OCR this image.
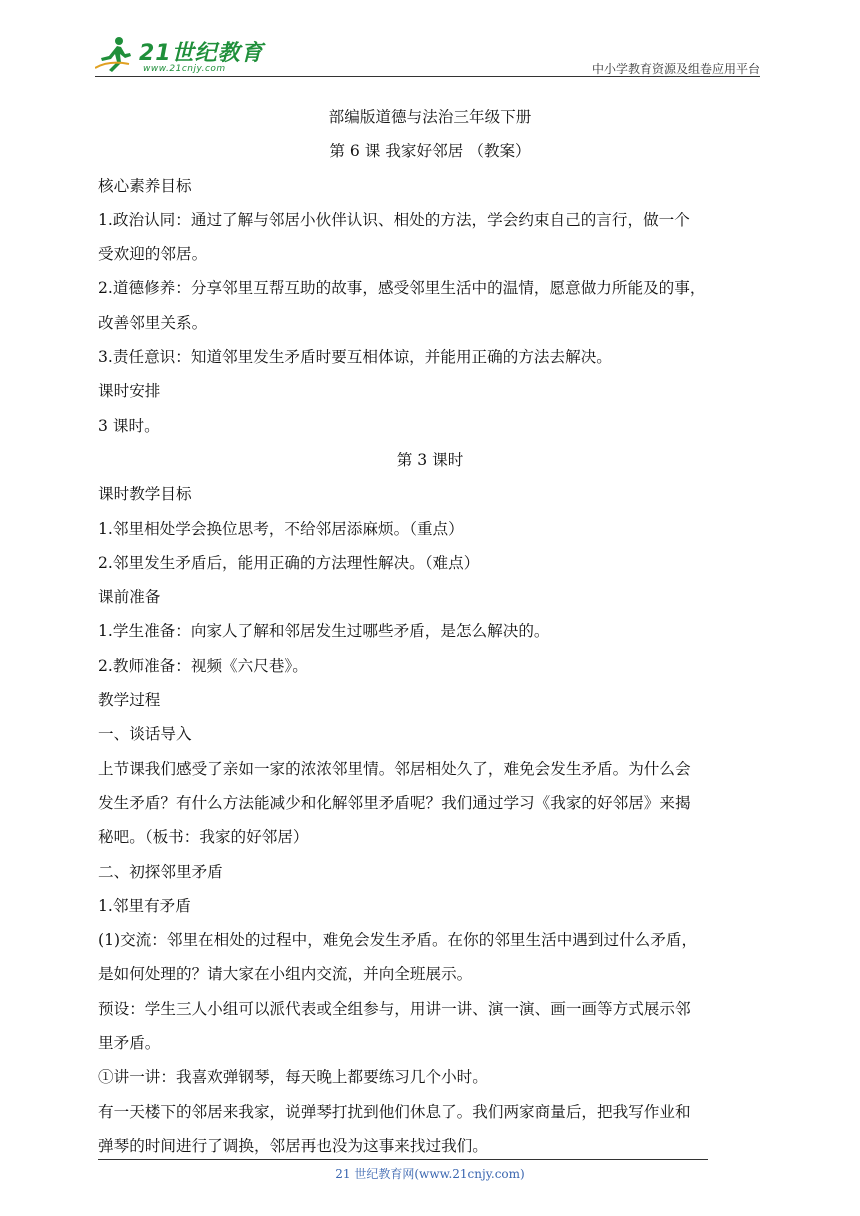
21世纪教育
www.21cnjy.com	中小学教育资源及组卷应用平台
部编版道德与法治三年级下册
第 6 课 我家好邻居 （教案）
核心素养目标
1.政治认同：通过了解与邻居小伙伴认识、相处的方法，学会约束自己的言行，做一个
受欢迎的邻居。
2.道德修养：分享邻里互帮互助的故事，感受邻里生活中的温情，愿意做力所能及的事，
改善邻里关系。
3.责任意识：知道邻里发生矛盾时要互相体谅，并能用正确的方法去解决。
课时安排
3 课时。
第 3 课时
课时教学目标
1.邻里相处学会换位思考，不给邻居添麻烦。（重点）
2.邻里发生矛盾后，能用正确的方法理性解决。（难点）
课前准备
1.学生准备：向家人了解和邻居发生过哪些矛盾，是怎么解决的。
2.教师准备：视频《六尺巷》。
教学过程
一、谈话导入
上节课我们感受了亲如一家的浓浓邻里情。邻居相处久了，难免会发生矛盾。为什么会
发生矛盾？有什么方法能减少和化解邻里矛盾呢？我们通过学习《我家的好邻居》来揭
秘吧。（板书：我家的好邻居）
二、初探邻里矛盾
1.邻里有矛盾
(1)交流：邻里在相处的过程中，难免会发生矛盾。在你的邻里生活中遇到过什么矛盾，
是如何处理的？请大家在小组内交流，并向全班展示。
预设：学生三人小组可以派代表或全组参与，用讲一讲、演一演、画一画等方式展示邻
里矛盾。
①讲一讲：我喜欢弹钢琴，每天晚上都要练习几个小时。
有一天楼下的邻居来我家，说弹琴打扰到他们休息了。我们两家商量后，把我写作业和
弹琴的时间进行了调换，邻居再也没为这事来找过我们。
21 世纪教育网(www.21cnjy.com)
